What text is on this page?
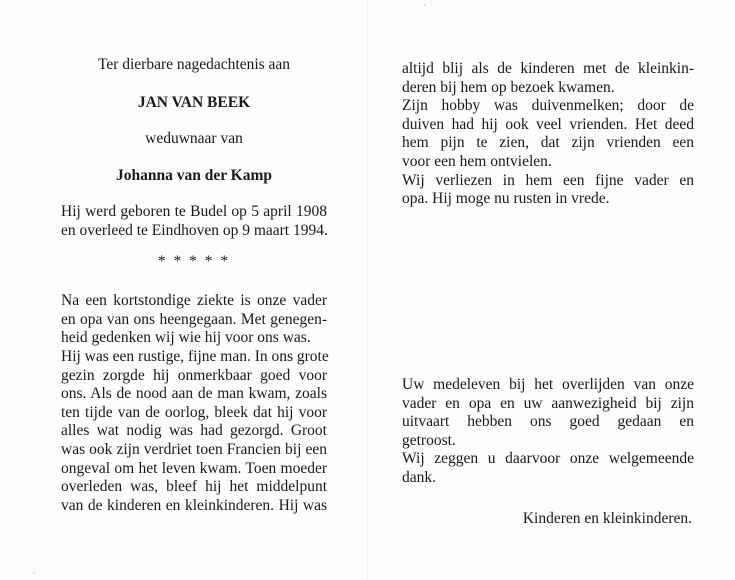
Ter dierbare nagedachtenis aan

JAN VAN BEEK

weduwnaar van

Johanna van der Kamp

Hij werd geboren te Budel op 5 april 1908
en overleed te Eindhoven op 9 maart 1994.

* * * * *

Na een kortstondige ziekte is onze vader
en opa van ons heengegaan. Met genegen-
heid gedenken wij wie hij voor ons was.
Hij was een rustige, fijne man. In ons grote
gezin zorgde hij onmerkbaar goed voor
ons. Als de nood aan de man kwam, zoals
ten tijde van de oorlog, bleek dat hij voor
alles wat nodig was had gezorgd. Groot
was ook zijn verdriet toen Francien bij een
ongeval om het leven kwam. Toen moeder
overleden was, bleef hij het middelpunt
van de kinderen en kleinkinderen. Hij was
altijd blij als de kinderen met de kleinkin-
deren bij hem op bezoek kwamen.
Zijn hobby was duivenmelken; door de
duiven had hij ook veel vrienden. Het deed
hem pijn te zien, dat zijn vrienden een
voor een hem ontvielen.
Wij verliezen in hem een fijne vader en
opa. Hij moge nu rusten in vrede.
Uw medeleven bij het overlijden van onze
vader en opa en uw aanwezigheid bij zijn
uitvaart hebben ons goed gedaan en
getroost.
Wij zeggen u daarvoor onze welgemeende
dank.
Kinderen en kleinkinderen.
